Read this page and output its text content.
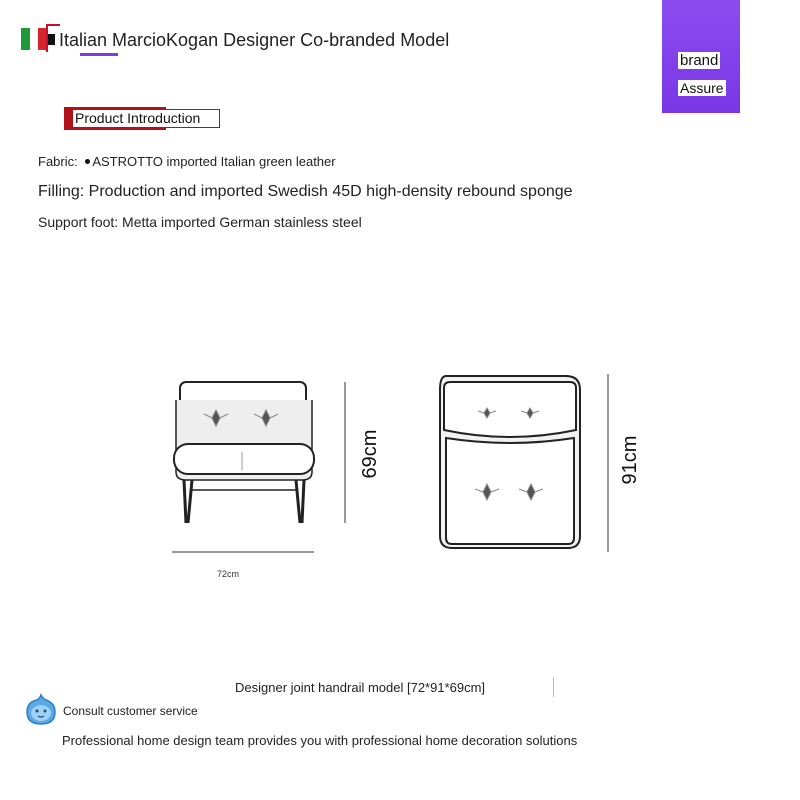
Italian MarcioKogan Designer Co-branded Model
brand
Assure
Product Introduction
Fabric: ASTROTTO imported Italian green leather
Filling: Production and imported Swedish 45D high-density rebound sponge
Support foot: Metta imported German stainless steel
69cm	91cm
72cm
Designer joint handrail model [72*91*69cm]
Consult customer service
Professional home design team provides you with professional home decoration solutions
